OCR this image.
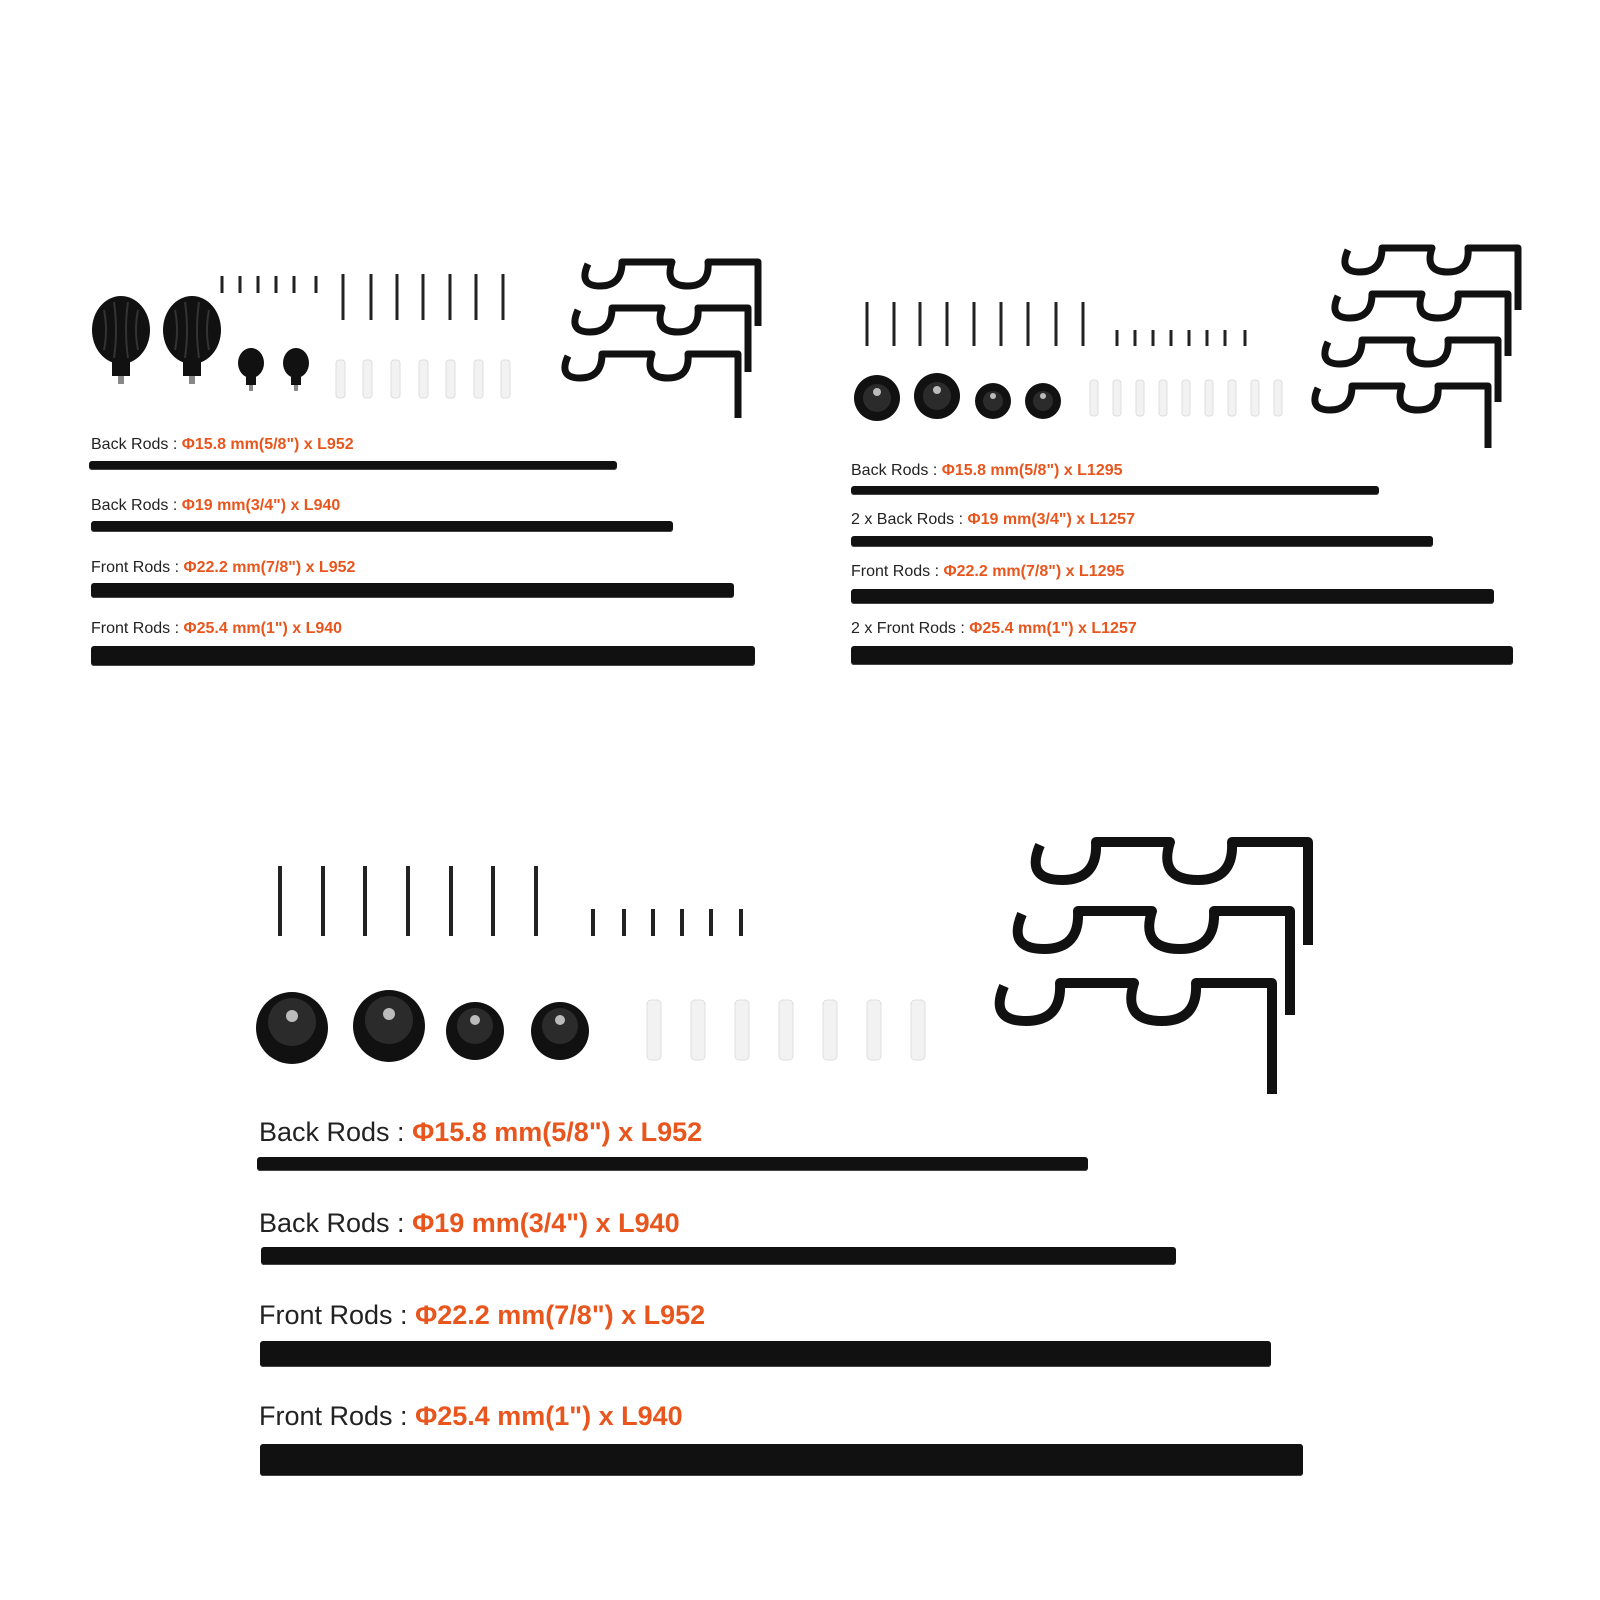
Back Rods : Φ15.8 mm(5/8") x L952
Back Rods : Φ19 mm(3/4") x L940
Front Rods : Φ22.2 mm(7/8") x L952
Front Rods : Φ25.4 mm(1") x L940
Back Rods : Φ15.8 mm(5/8") x L1295
2 x Back Rods : Φ19 mm(3/4") x L1257
Front Rods : Φ22.2 mm(7/8") x L1295
2 x Front Rods : Φ25.4 mm(1") x L1257
Back Rods : Φ15.8 mm(5/8") x L952
Back Rods : Φ19 mm(3/4") x L940
Front Rods : Φ22.2 mm(7/8") x L952
Front Rods : Φ25.4 mm(1") x L940
